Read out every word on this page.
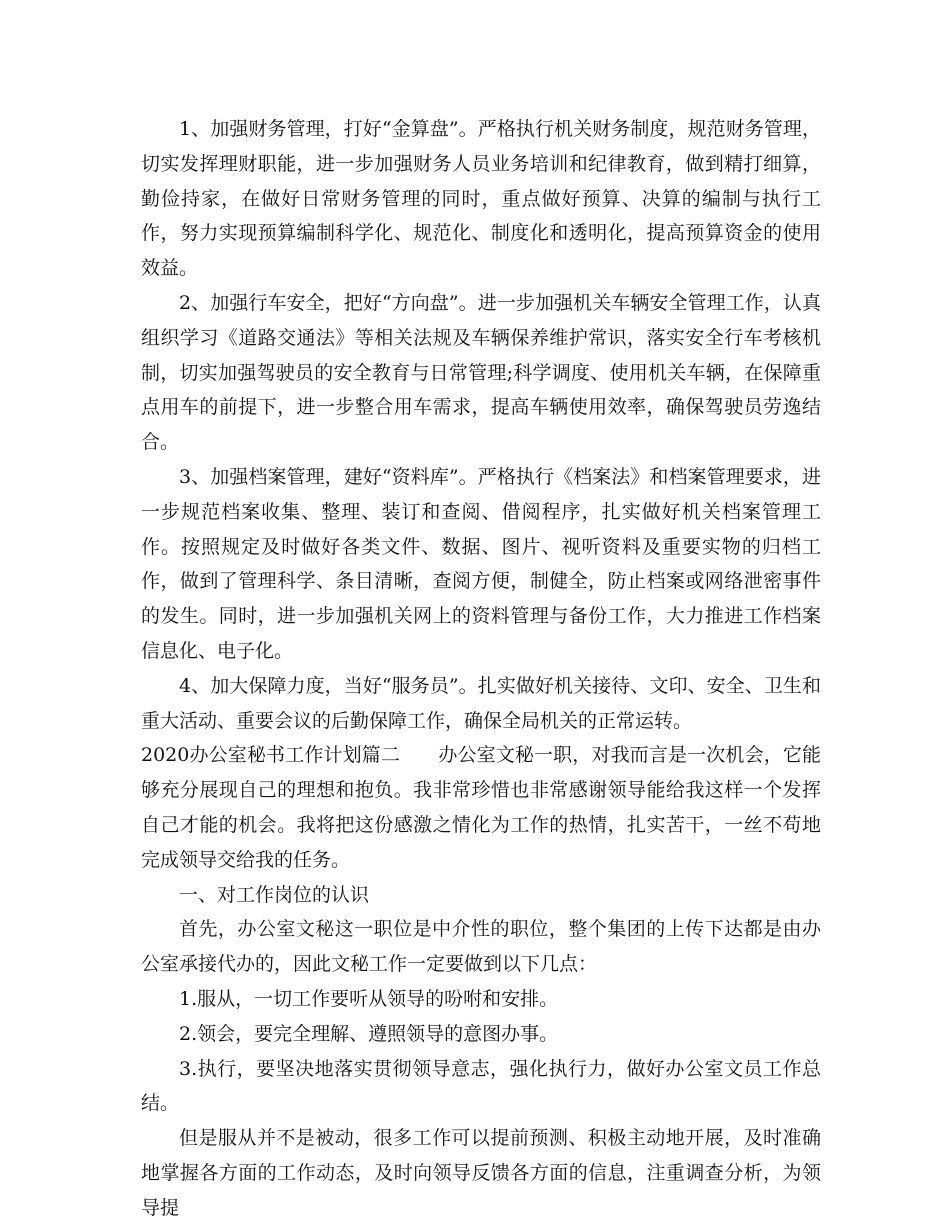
1、加强财务管理，打好“金算盘”。严格执行机关财务制度，规范财务管理，切实发挥理财职能，进一步加强财务人员业务培训和纪律教育，做到精打细算，勤俭持家，在做好日常财务管理的同时，重点做好预算、决算的编制与执行工作，努力实现预算编制科学化、规范化、制度化和透明化，提高预算资金的使用效益。

2、加强行车安全，把好“方向盘”。进一步加强机关车辆安全管理工作，认真组织学习《道路交通法》等相关法规及车辆保养维护常识，落实安全行车考核机制，切实加强驾驶员的安全教育与日常管理;科学调度、使用机关车辆，在保障重点用车的前提下，进一步整合用车需求，提高车辆使用效率，确保驾驶员劳逸结合。

3、加强档案管理，建好“资料库”。严格执行《档案法》和档案管理要求，进一步规范档案收集、整理、装订和查阅、借阅程序，扎实做好机关档案管理工作。按照规定及时做好各类文件、数据、图片、视听资料及重要实物的归档工作，做到了管理科学、条目清晰，查阅方便，制健全，防止档案或网络泄密事件的发生。同时，进一步加强机关网上的资料管理与备份工作，大力推进工作档案信息化、电子化。

4、加大保障力度，当好“服务员”。扎实做好机关接待、文印、安全、卫生和重大活动、重要会议的后勤保障工作，确保全局机关的正常运转。

2020办公室秘书工作计划篇二　　办公室文秘一职，对我而言是一次机会，它能够充分展现自己的理想和抱负。我非常珍惜也非常感谢领导能给我这样一个发挥自己才能的机会。我将把这份感激之情化为工作的热情，扎实苦干，一丝不苟地完成领导交给我的任务。

一、对工作岗位的认识

首先，办公室文秘这一职位是中介性的职位，整个集团的上传下达都是由办公室承接代办的，因此文秘工作一定要做到以下几点：

1.服从，一切工作要听从领导的吩咐和安排。

2.领会，要完全理解、遵照领导的意图办事。

3.执行，要坚决地落实贯彻领导意志，强化执行力，做好办公室文员工作总结。

但是服从并不是被动，很多工作可以提前预测、积极主动地开展，及时准确地掌握各方面的工作动态，及时向领导反馈各方面的信息，注重调查分析，为领导提
